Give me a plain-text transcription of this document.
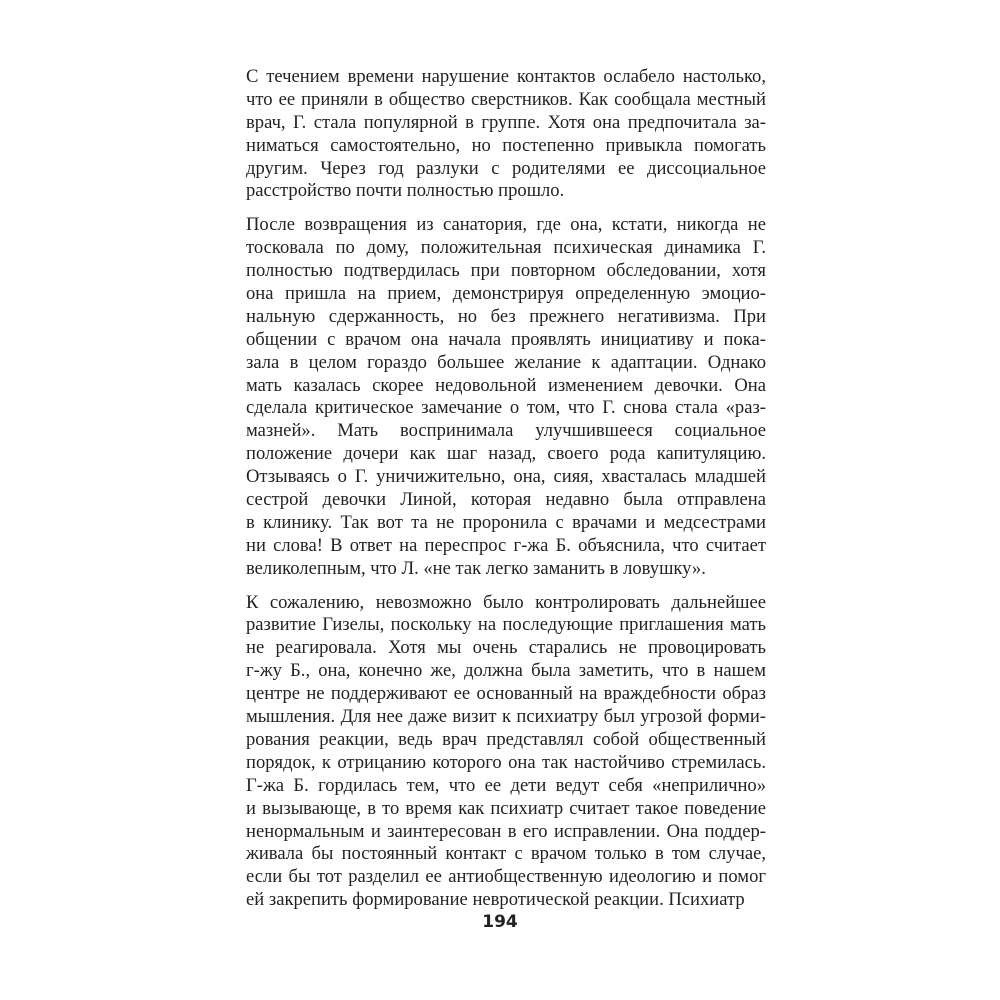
С течением времени нарушение контактов ослабело настолько,
что ее приняли в общество сверстников. Как сообщала местный
врач, Г. стала популярной в группе. Хотя она предпочитала за-
ниматься самостоятельно, но постепенно привыкла помогать
другим. Через год разлуки с родителями ее диссоциальное
расстройство почти полностью прошло.
После возвращения из санатория, где она, кстати, никогда не
тосковала по дому, положительная психическая динамика Г.
полностью подтвердилась при повторном обследовании, хотя
она пришла на прием, демонстрируя определенную эмоцио-
нальную сдержанность, но без прежнего негативизма. При
общении с врачом она начала проявлять инициативу и пока-
зала в целом гораздо большее желание к адаптации. Однако
мать казалась скорее недовольной изменением девочки. Она
сделала критическое замечание о том, что Г. снова стала «раз-
мазней». Мать воспринимала улучшившееся социальное
положение дочери как шаг назад, своего рода капитуляцию.
Отзываясь о Г. уничижительно, она, сияя, хвасталась младшей
сестрой девочки Линой, которая недавно была отправлена
в клинику. Так вот та не проронила с врачами и медсестрами
ни слова! В ответ на переспрос г-жа Б. объяснила, что считает
великолепным, что Л. «не так легко заманить в ловушку».
К сожалению, невозможно было контролировать дальнейшее
развитие Гизелы, поскольку на последующие приглашения мать
не реагировала. Хотя мы очень старались не провоцировать
г-жу Б., она, конечно же, должна была заметить, что в нашем
центре не поддерживают ее основанный на враждебности образ
мышления. Для нее даже визит к психиатру был угрозой форми-
рования реакции, ведь врач представлял собой общественный
порядок, к отрицанию которого она так настойчиво стремилась.
Г-жа Б. гордилась тем, что ее дети ведут себя «неприлично»
и вызывающе, в то время как психиатр считает такое поведение
ненормальным и заинтересован в его исправлении. Она поддер-
живала бы постоянный контакт с врачом только в том случае,
если бы тот разделил ее антиобщественную идеологию и помог
ей закрепить формирование невротической реакции. Психиатр
194
